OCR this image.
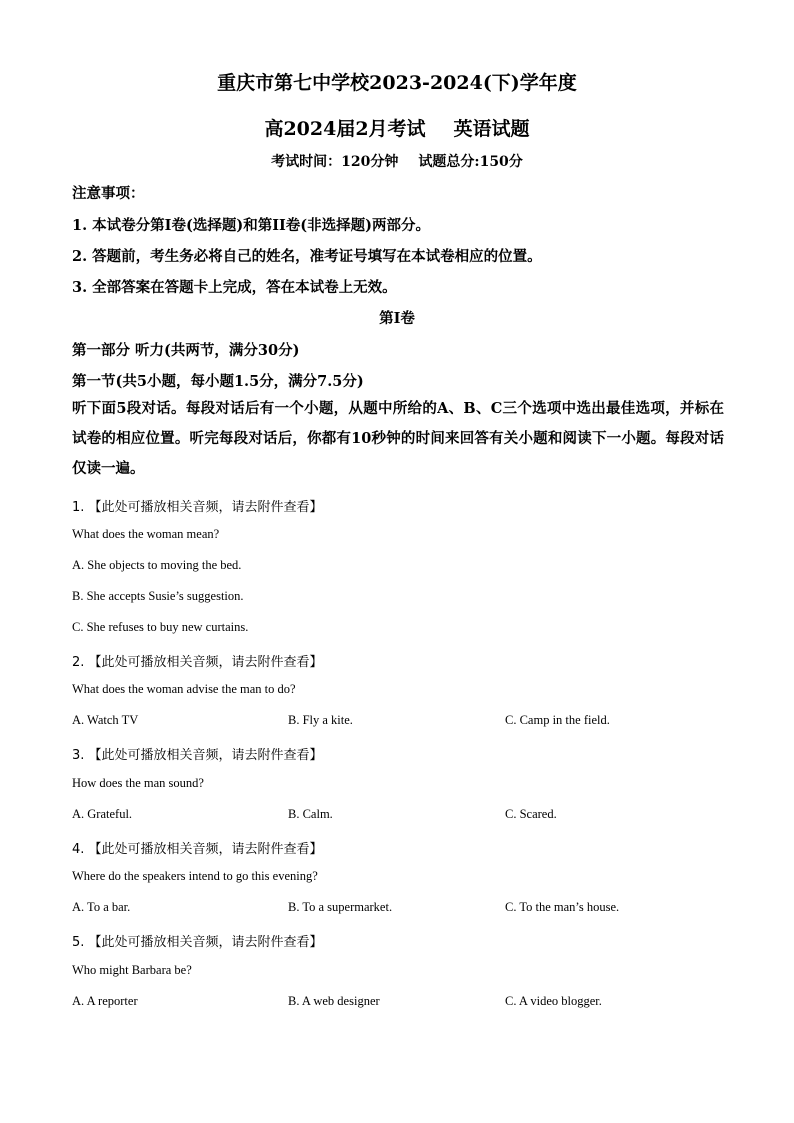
重庆市第七中学校2023-2024(下)学年度
高2024届2月考试 英语试题
考试时间：120分钟 试题总分:150分
注意事项：
1. 本试卷分第I卷(选择题)和第II卷(非选择题)两部分。
2. 答题前，考生务必将自己的姓名，准考证号填写在本试卷相应的位置。
3. 全部答案在答题卡上完成，答在本试卷上无效。
第I卷
第一部分 听力(共两节，满分30分)
第一节(共5小题，每小题1.5分，满分7.5分)
听下面5段对话。每段对话后有一个小题，从题中所给的A、B、C三个选项中选出最佳选项，并标在试卷的相应位置。听完每段对话后，你都有10秒钟的时间来回答有关小题和阅读下一小题。每段对话仅读一遍。
1. 【此处可播放相关音频，请去附件查看】
What does the woman mean?
A. She objects to moving the bed.
B. She accepts Susie’s suggestion.
C. She refuses to buy new curtains.
2. 【此处可播放相关音频，请去附件查看】
What does the woman advise the man to do?
A. Watch TV	B. Fly a kite.	C. Camp in the field.
3. 【此处可播放相关音频，请去附件查看】
How does the man sound?
A. Grateful.	B. Calm.	C. Scared.
4. 【此处可播放相关音频，请去附件查看】
Where do the speakers intend to go this evening?
A. To a bar.	B. To a supermarket.	C. To the man’s house.
5. 【此处可播放相关音频，请去附件查看】
Who might Barbara be?
A. A reporter	B. A web designer	C. A video blogger.
